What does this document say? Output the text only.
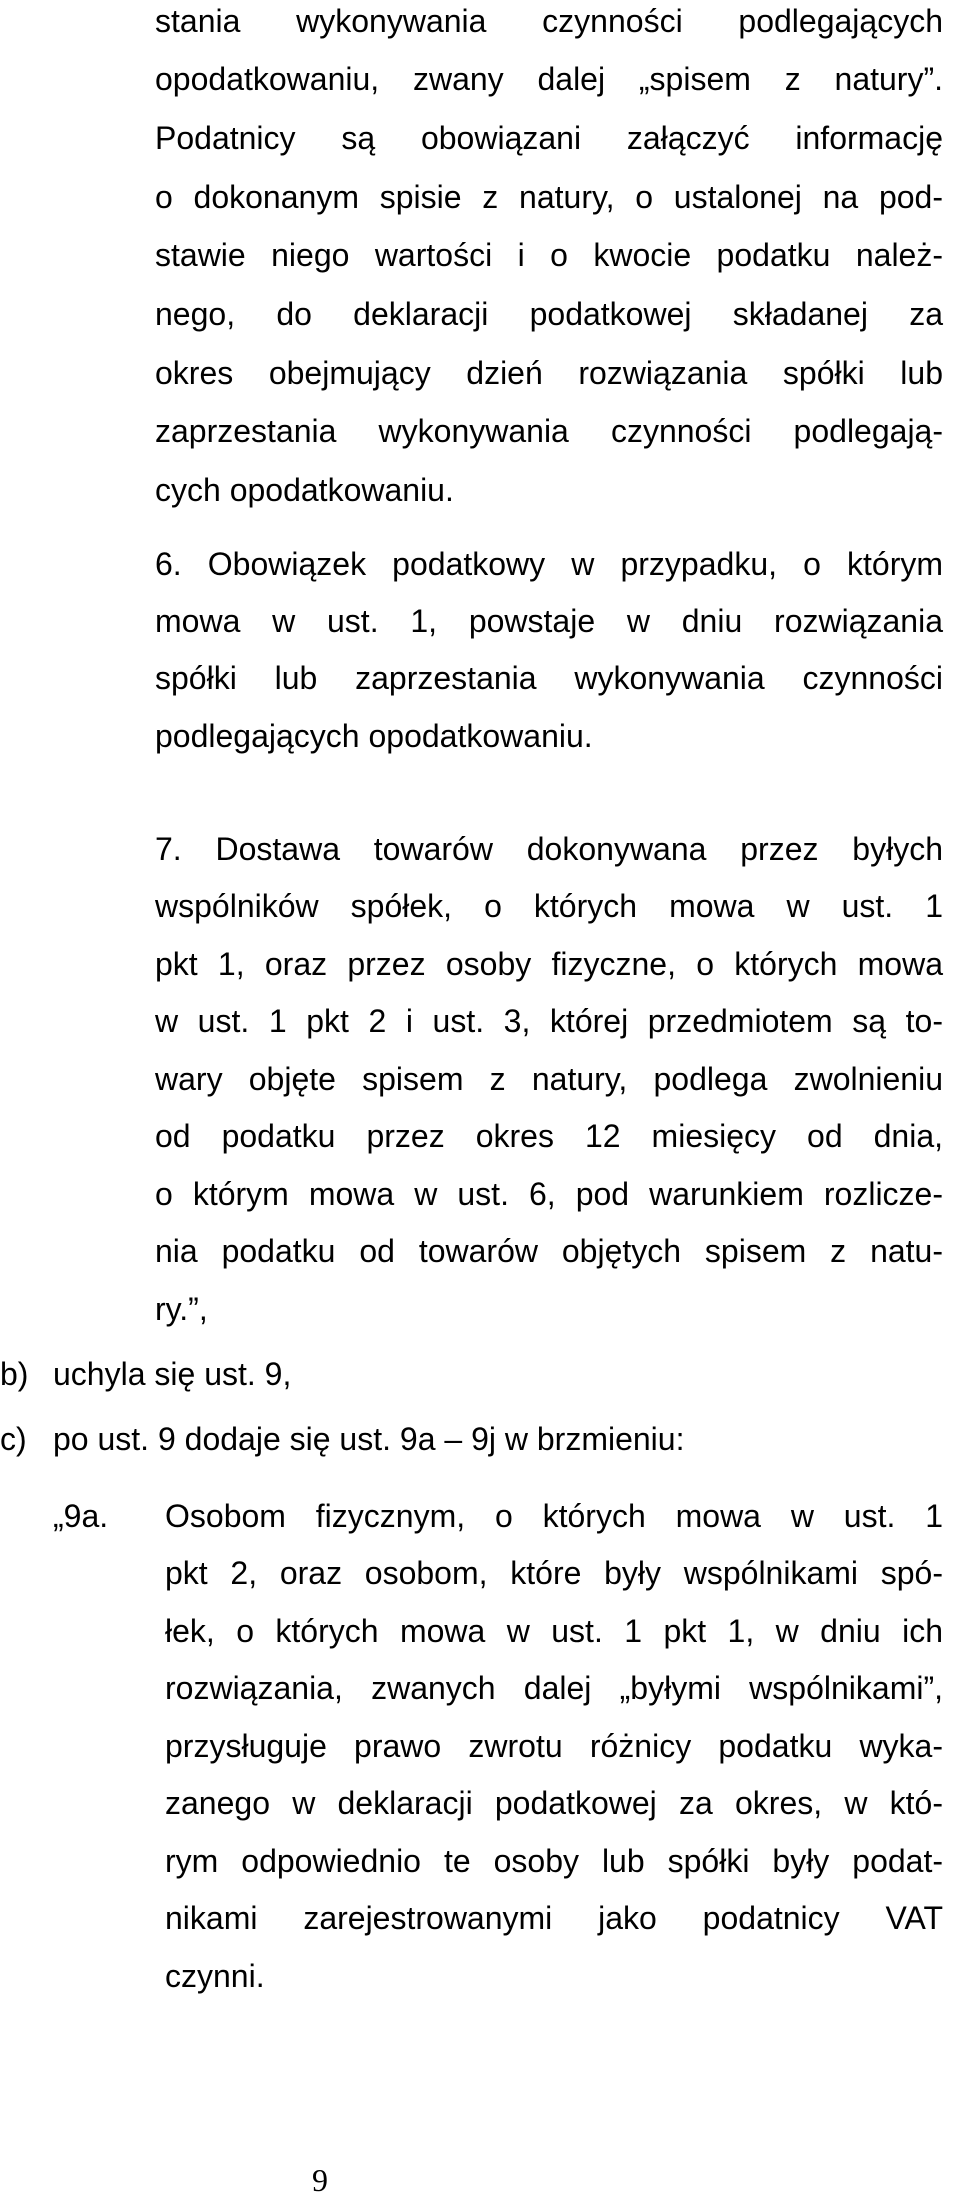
stania wykonywania czynności podlegających

opodatkowaniu, zwany dalej „spisem z natury”.

Podatnicy są obowiązani załączyć informację

o dokonanym spisie z natury, o ustalonej na pod-

stawie niego wartości i o kwocie podatku należ-

nego, do deklaracji podatkowej składanej za

okres obejmujący dzień rozwiązania spółki lub

zaprzestania wykonywania czynności podlegają-

cych opodatkowaniu.

6. Obowiązek podatkowy w przypadku, o którym

mowa w ust. 1, powstaje w dniu rozwiązania

spółki lub zaprzestania wykonywania czynności

podlegających opodatkowaniu.

7. Dostawa towarów dokonywana przez byłych

wspólników spółek, o których mowa w ust. 1

pkt 1, oraz przez osoby fizyczne, o których mowa

w ust. 1 pkt 2 i ust. 3, której przedmiotem są to-

wary objęte spisem z natury, podlega zwolnieniu

od podatku przez okres 12 miesięcy od dnia,

o którym mowa w ust. 6, pod warunkiem rozlicze-

nia podatku od towarów objętych spisem z natu-

ry.”,

b) uchyla się ust. 9,
c) po ust. 9 dodaje się ust. 9a – 9j w brzmieniu:
„9a. Osobom fizycznym, o których mowa w ust. 1

pkt 2, oraz osobom, które były wspólnikami spó-

łek, o których mowa w ust. 1 pkt 1, w dniu ich

rozwiązania, zwanych dalej „byłymi wspólnikami”,

przysługuje prawo zwrotu różnicy podatku wyka-

zanego w deklaracji podatkowej za okres, w któ-

rym odpowiednio te osoby lub spółki były podat-

nikami zarejestrowanymi jako podatnicy VAT

czynni.

9
